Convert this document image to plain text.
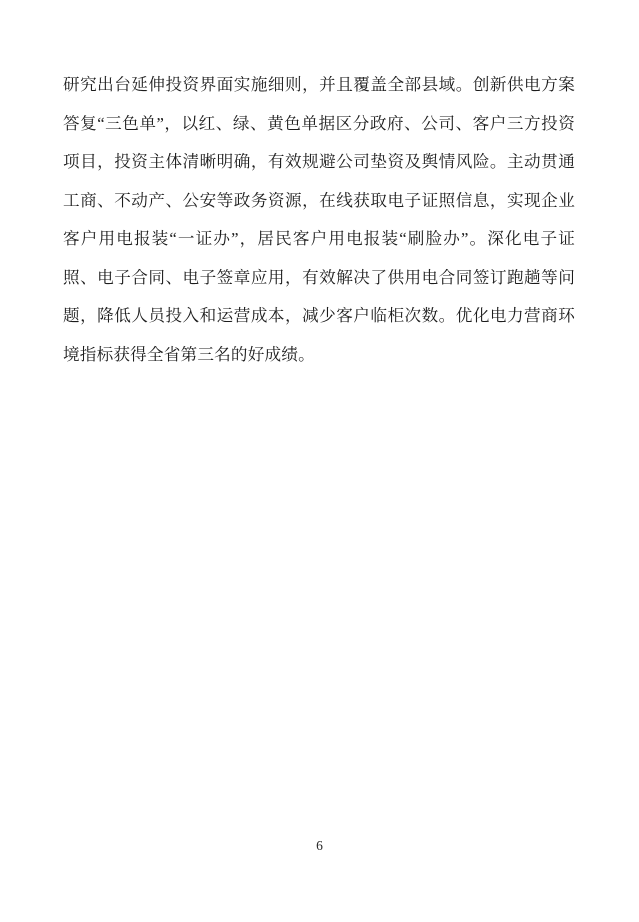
研究出台延伸投资界面实施细则，并且覆盖全部县域。创新供电方案答复“三色单”，以红、绿、黄色单据区分政府、公司、客户三方投资项目，投资主体清晰明确，有效规避公司垫资及舆情风险。主动贯通工商、不动产、公安等政务资源，在线获取电子证照信息，实现企业客户用电报装“一证办”，居民客户用电报装“刷脸办”。深化电子证照、电子合同、电子签章应用，有效解决了供用电合同签订跑趟等问题，降低人员投入和运营成本，减少客户临柜次数。优化电力营商环境指标获得全省第三名的好成绩。

6
